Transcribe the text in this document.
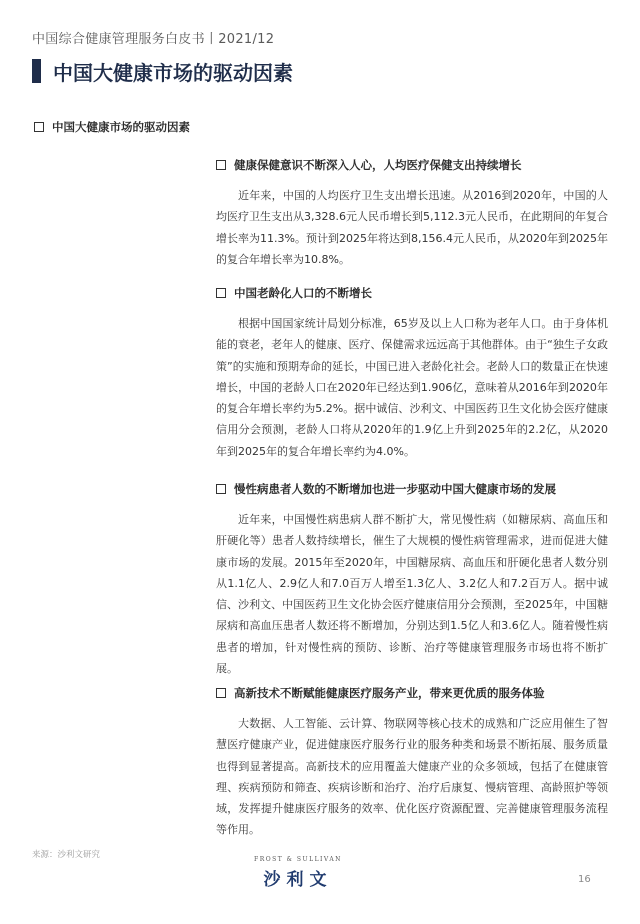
中国综合健康管理服务白皮书丨2021/12
中国大健康市场的驱动因素
中国大健康市场的驱动因素
健康保健意识不断深入人心，人均医疗保健支出持续增长
近年来，中国的人均医疗卫生支出增长迅速。从2016到2020年，中国的人均医疗卫生支出从3,328.6元人民币增长到5,112.3元人民币，在此期间的年复合增长率为11.3%。预计到2025年将达到8,156.4元人民币，从2020年到2025年的复合年增长率为10.8%。
中国老龄化人口的不断增长
根据中国国家统计局划分标准，65岁及以上人口称为老年人口。由于身体机能的衰老，老年人的健康、医疗、保健需求远远高于其他群体。由于“独生子女政策”的实施和预期寿命的延长，中国已进入老龄化社会。老龄人口的数量正在快速增长，中国的老龄人口在2020年已经达到1.906亿，意味着从2016年到2020年的复合年增长率约为5.2%。据中诚信、沙利文、中国医药卫生文化协会医疗健康信用分会预测，老龄人口将从2020年的1.9亿上升到2025年的2.2亿，从2020年到2025年的复合年增长率约为4.0%。
慢性病患者人数的不断增加也进一步驱动中国大健康市场的发展
近年来，中国慢性病患病人群不断扩大，常见慢性病（如糖尿病、高血压和肝硬化等）患者人数持续增长，催生了大规模的慢性病管理需求，进而促进大健康市场的发展。2015年至2020年，中国糖尿病、高血压和肝硬化患者人数分别从1.1亿人、2.9亿人和7.0百万人增至1.3亿人、3.2亿人和7.2百万人。据中诚信、沙利文、中国医药卫生文化协会医疗健康信用分会预测，至2025年，中国糖尿病和高血压患者人数还将不断增加，分别达到1.5亿人和3.6亿人。随着慢性病患者的增加，针对慢性病的预防、诊断、治疗等健康管理服务市场也将不断扩展。
高新技术不断赋能健康医疗服务产业，带来更优质的服务体验
大数据、人工智能、云计算、物联网等核心技术的成熟和广泛应用催生了智慧医疗健康产业，促进健康医疗服务行业的服务种类和场景不断拓展、服务质量也得到显著提高。高新技术的应用覆盖大健康产业的众多领域，包括了在健康管理、疾病预防和筛查、疾病诊断和治疗、治疗后康复、慢病管理、高龄照护等领域，发挥提升健康医疗服务的效率、优化医疗资源配置、完善健康管理服务流程等作用。
来源：沙利文研究	FROST & SULLIVAN
沙利文	16
